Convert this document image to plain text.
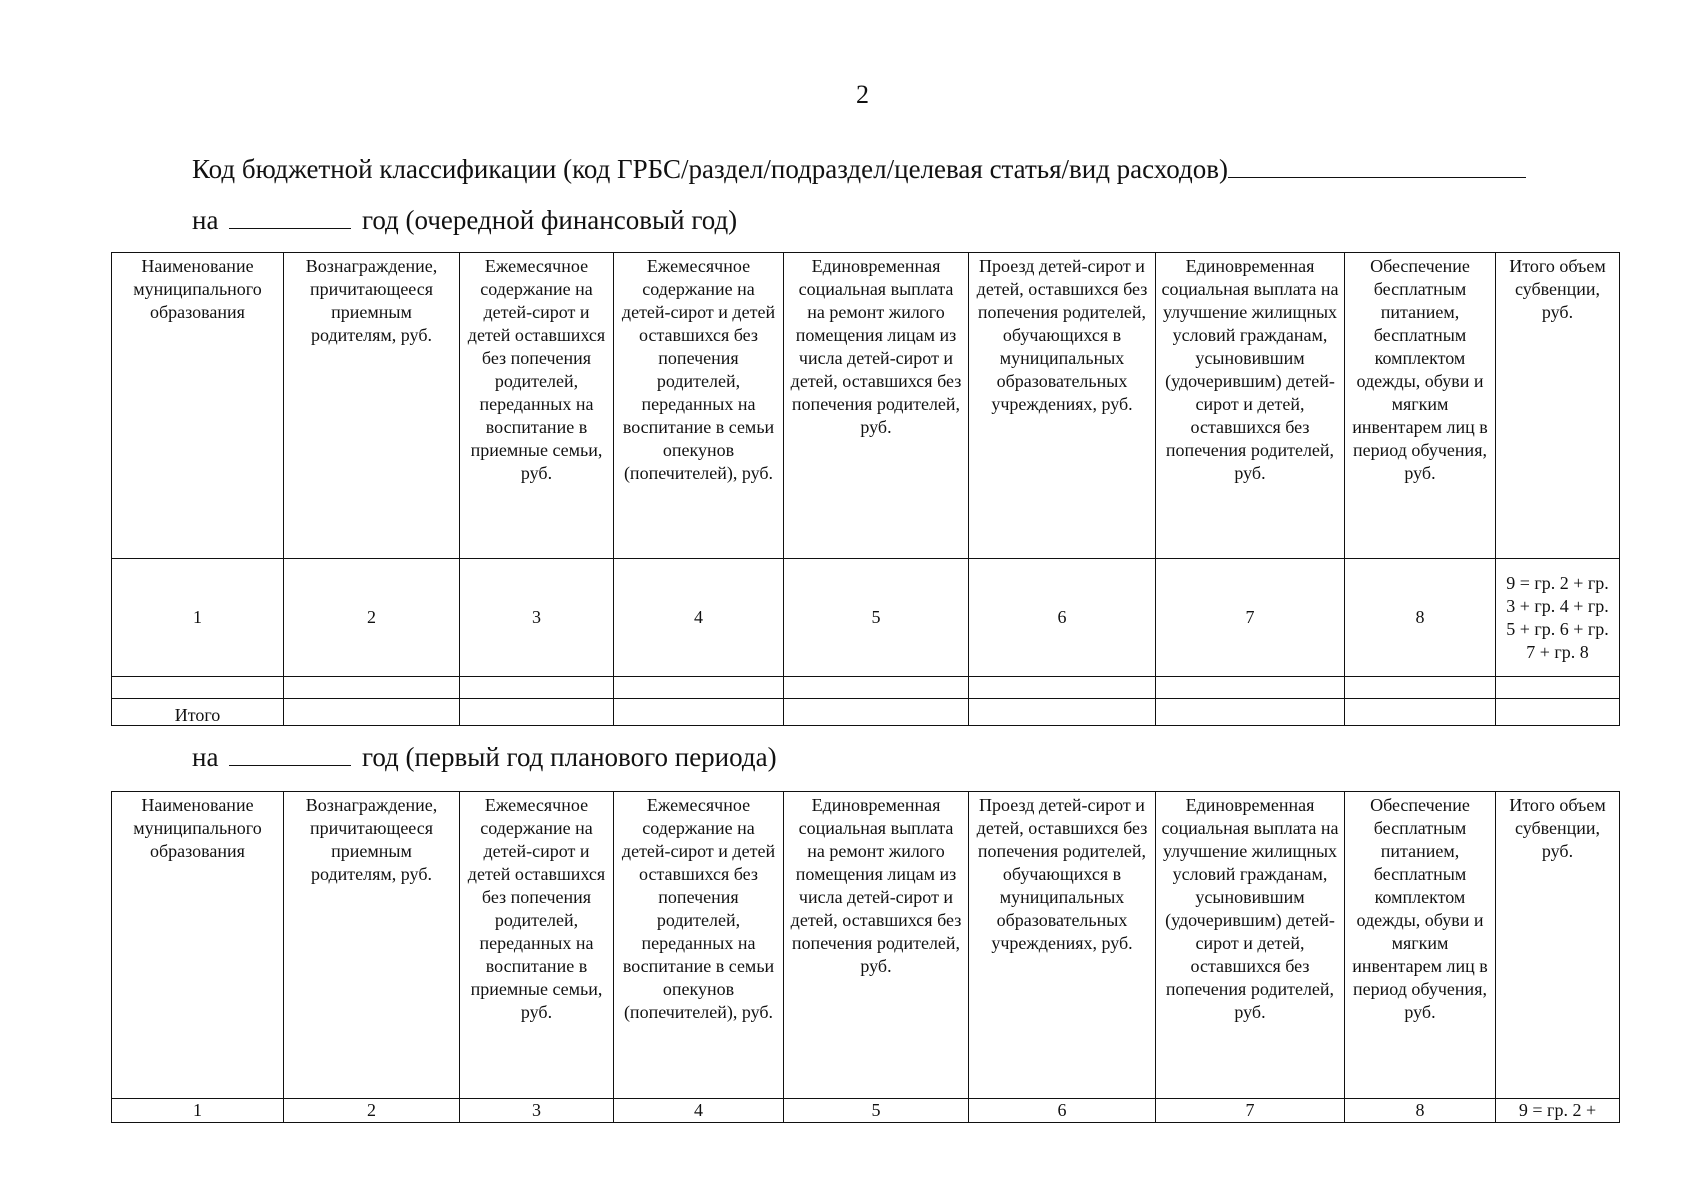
2
Код бюджетной классификации (код ГРБС/раздел/подраздел/целевая статья/вид расходов)
на	год (очередной финансовый год)
Наименование муниципального образования	Вознаграждение, причитающееся приемным родителям, руб.	Ежемесячное содержание на детей-сирот и детей оставшихся без попечения родителей, переданных на воспитание в приемные семьи, руб.	Ежемесячное содержание на детей-сирот и детей оставшихся без попечения родителей, переданных на воспитание в семьи опекунов (попечителей), руб.	Единовременная социальная выплата на ремонт жилого помещения лицам из числа детей-сирот и детей, оставшихся без попечения родителей, руб.	Проезд детей-сирот и детей, оставшихся без попечения родителей, обучающихся в муниципальных образовательных учреждениях, руб.	Единовременная социальная выплата на улучшение жилищных условий гражданам, усыновившим (удочерившим) детей-сирот и детей, оставшихся без попечения родителей, руб.	Обеспечение бесплатным питанием, бесплатным комплектом одежды, обуви и мягким инвентарем лиц в период обучения, руб.	Итого объем субвенции, руб.
1	2	3	4	5	6	7	8	9 = гр. 2 + гр. 3 + гр. 4 + гр. 5 + гр. 6 + гр. 7 + гр. 8

Итого								
на	год (первый год планового периода)
Наименование муниципального образования	Вознаграждение, причитающееся приемным родителям, руб.	Ежемесячное содержание на детей-сирот и детей оставшихся без попечения родителей, переданных на воспитание в приемные семьи, руб.	Ежемесячное содержание на детей-сирот и детей оставшихся без попечения родителей, переданных на воспитание в семьи опекунов (попечителей), руб.	Единовременная социальная выплата на ремонт жилого помещения лицам из числа детей-сирот и детей, оставшихся без попечения родителей, руб.	Проезд детей-сирот и детей, оставшихся без попечения родителей, обучающихся в муниципальных образовательных учреждениях, руб.	Единовременная социальная выплата на улучшение жилищных условий гражданам, усыновившим (удочерившим) детей-сирот и детей, оставшихся без попечения родителей, руб.	Обеспечение бесплатным питанием, бесплатным комплектом одежды, обуви и мягким инвентарем лиц в период обучения, руб.	Итого объем субвенции, руб.
1	2	3	4	5	6	7	8	9 = гр. 2 +
